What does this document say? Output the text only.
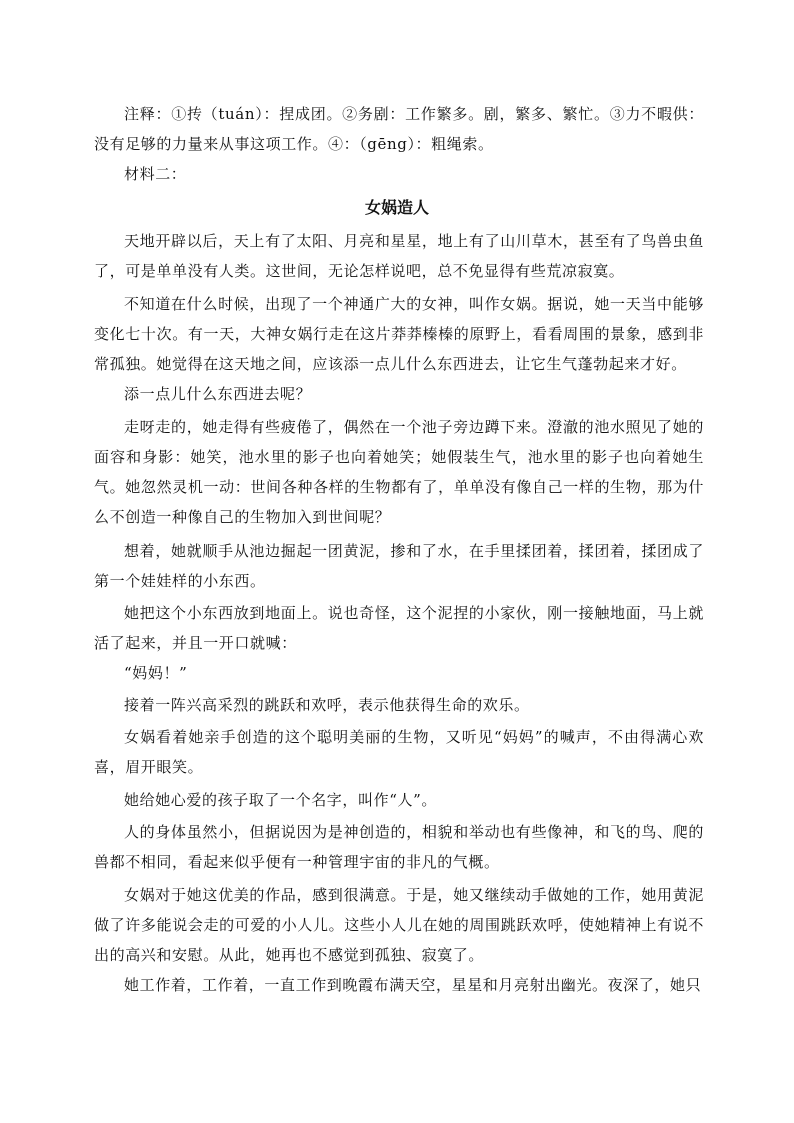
注释：①抟（tuán）：捏成团。②务剧：工作繁多。剧，繁多、繁忙。③力不暇供：没有足够的力量来从事这项工作。④：（gēng）：粗绳索。

材料二：

女娲造人

天地开辟以后，天上有了太阳、月亮和星星，地上有了山川草木，甚至有了鸟兽虫鱼了，可是单单没有人类。这世间，无论怎样说吧，总不免显得有些荒凉寂寞。

不知道在什么时候，出现了一个神通广大的女神，叫作女娲。据说，她一天当中能够变化七十次。有一天，大神女娲行走在这片莽莽榛榛的原野上，看看周围的景象，感到非常孤独。她觉得在这天地之间，应该添一点儿什么东西进去，让它生气蓬勃起来才好。

添一点儿什么东西进去呢？

走呀走的，她走得有些疲倦了，偶然在一个池子旁边蹲下来。澄澈的池水照见了她的面容和身影：她笑，池水里的影子也向着她笑；她假装生气，池水里的影子也向着她生气。她忽然灵机一动：世间各种各样的生物都有了，单单没有像自己一样的生物，那为什么不创造一种像自己的生物加入到世间呢？

想着，她就顺手从池边掘起一团黄泥，掺和了水，在手里揉团着，揉团着，揉团成了第一个娃娃样的小东西。

她把这个小东西放到地面上。说也奇怪，这个泥捏的小家伙，刚一接触地面，马上就活了起来，并且一开口就喊：

“妈妈！”

接着一阵兴高采烈的跳跃和欢呼，表示他获得生命的欢乐。

女娲看着她亲手创造的这个聪明美丽的生物，又听见“妈妈”的喊声，不由得满心欢喜，眉开眼笑。

她给她心爱的孩子取了一个名字，叫作“人”。

人的身体虽然小，但据说因为是神创造的，相貌和举动也有些像神，和飞的鸟、爬的兽都不相同，看起来似乎便有一种管理宇宙的非凡的气概。

女娲对于她这优美的作品，感到很满意。于是，她又继续动手做她的工作，她用黄泥做了许多能说会走的可爱的小人儿。这些小人儿在她的周围跳跃欢呼，使她精神上有说不出的高兴和安慰。从此，她再也不感觉到孤独、寂寞了。

她工作着，工作着，一直工作到晚霞布满天空，星星和月亮射出幽光。夜深了，她只
